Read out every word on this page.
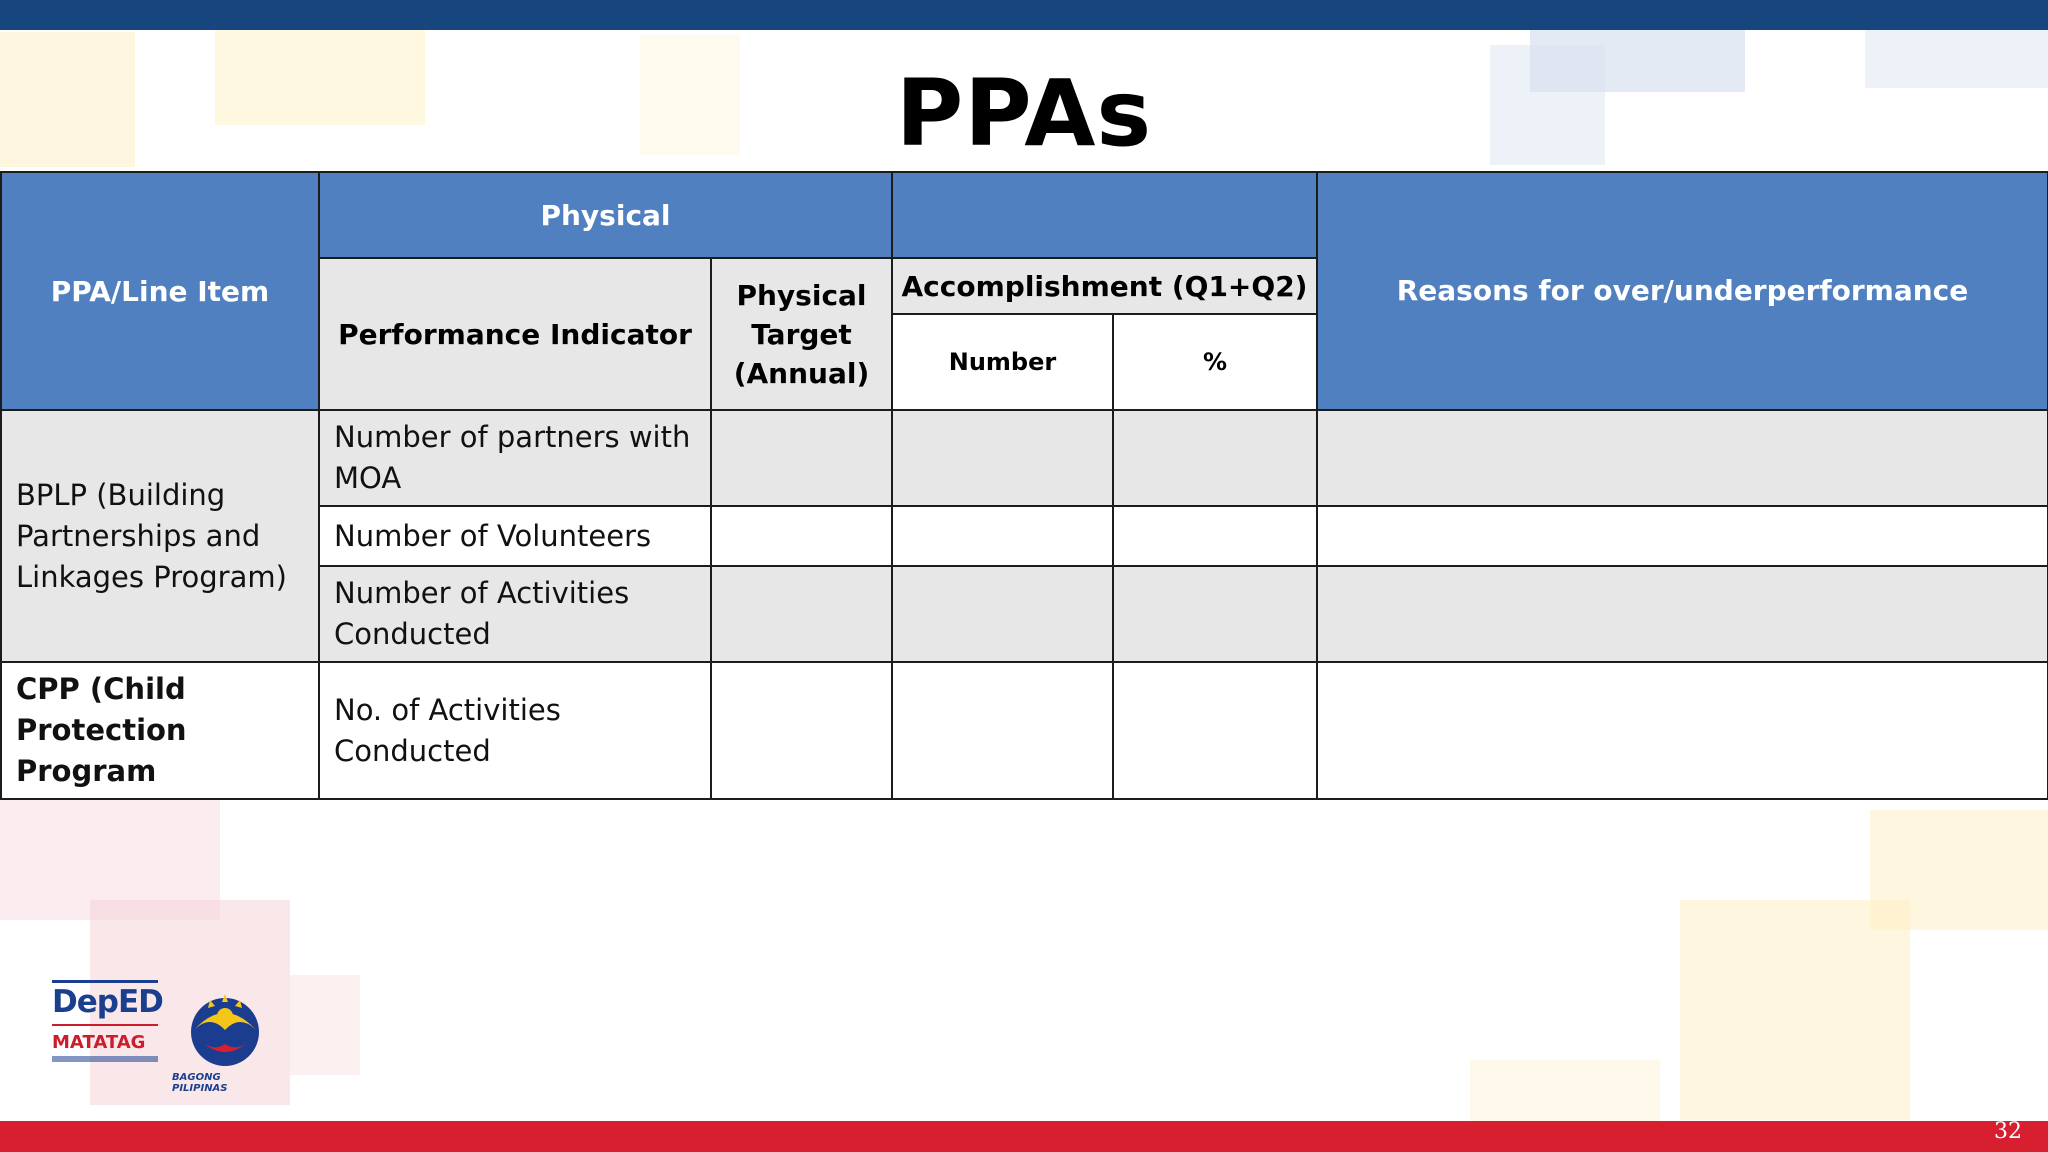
PPAs
PPA/Line Item	Physical				Reasons for over/underperformance
	Performance Indicator	Physical Target (Annual)	Accomplishment (Q1+Q2)		
			Number	%	
BPLP (Building Partnerships and Linkages Program)	Number of partners with MOA				
	Number of Volunteers				
	Number of Activities Conducted				
CPP (Child Protection Program	No. of Activities Conducted				
DepED
MATATAG
BAGONG PILIPINAS
32
